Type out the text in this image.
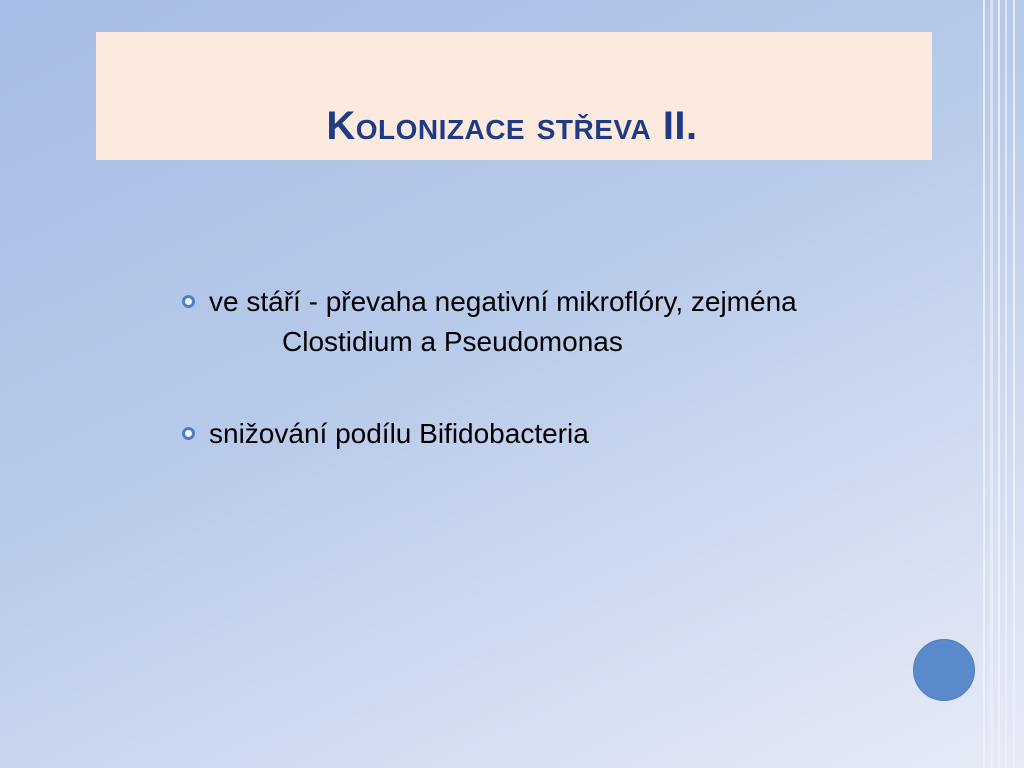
Kolonizace střeva II.
ve stáří - převaha negativní mikroflóry, zejména
Clostidium a Pseudomonas
snižování podílu Bifidobacteria
